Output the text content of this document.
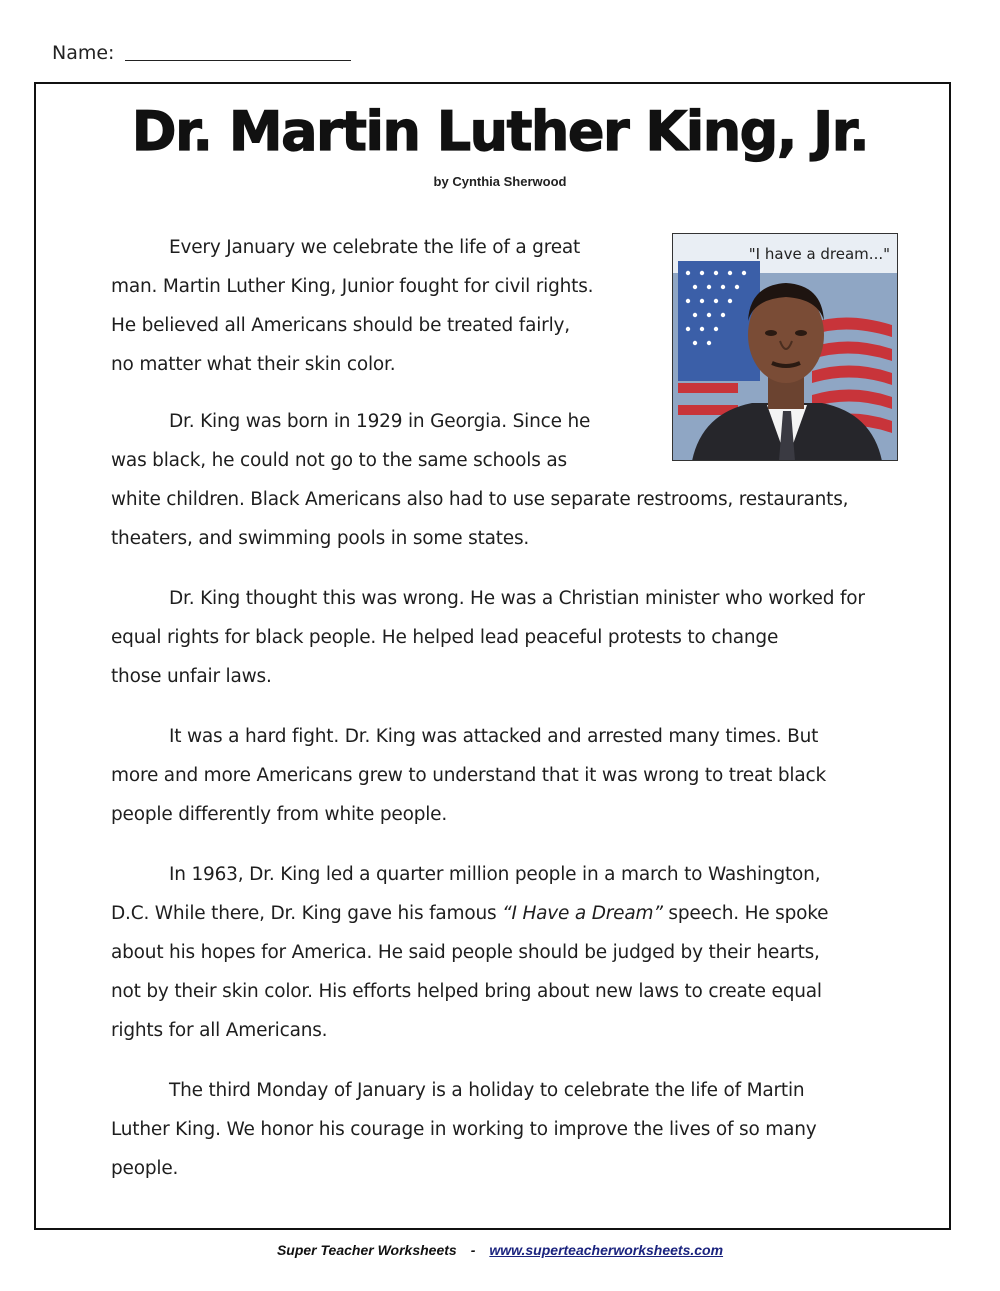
Name:
Dr. Martin Luther King, Jr.
by Cynthia Sherwood
"I have a dream..."
Every January we celebrate the life of a great
man. Martin Luther King, Junior fought for civil rights.
He believed all Americans should be treated fairly,
no matter what their skin color.
Dr. King was born in 1929 in Georgia. Since he
was black, he could not go to the same schools as
white children. Black Americans also had to use separate restrooms, restaurants,
theaters, and swimming pools in some states.
Dr. King thought this was wrong. He was a Christian minister who worked for
equal rights for black people. He helped lead peaceful protests to change
those unfair laws.
It was a hard fight. Dr. King was attacked and arrested many times. But
more and more Americans grew to understand that it was wrong to treat black
people differently from white people.
In 1963, Dr. King led a quarter million people in a march to Washington,
D.C. While there, Dr. King gave his famous “I Have a Dream” speech. He spoke
about his hopes for America. He said people should be judged by their hearts,
not by their skin color. His efforts helped bring about new laws to create equal
rights for all Americans.
The third Monday of January is a holiday to celebrate the life of Martin
Luther King. We honor his courage in working to improve the lives of so many
people.
Super Teacher Worksheets - www.superteacherworksheets.com
